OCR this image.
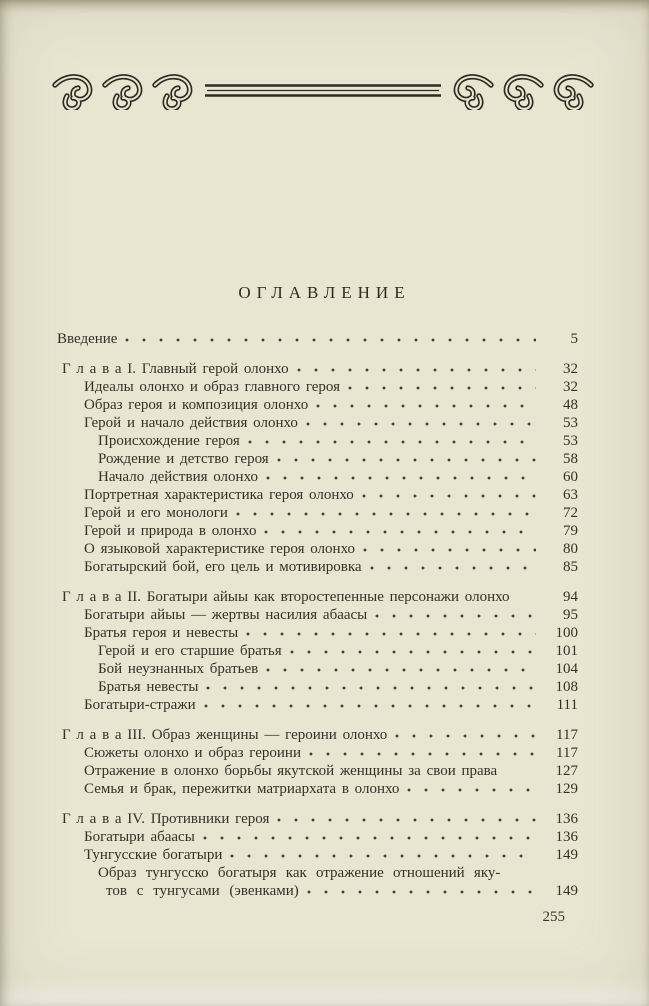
ОГЛАВЛЕНИЕ
Введение	5
Г л а в а I. Главный герой олонхо	32
Идеалы олонхо и образ главного героя	32
Образ героя и композиция олонхо	48
Герой и начало действия олонхо	53
Происхождение героя	53
Рождение и детство героя	58
Начало действия олонхо	60
Портретная характеристика героя олонхо	63
Герой и его монологи	72
Герой и природа в олонхо	79
О языковой характеристике героя олонхо	80
Богатырский бой, его цель и мотивировка	85
Г л а в а II. Богатыри айыы как второстепенные персонажи олонхо	94
Богатыри айыы — жертвы насилия абаасы	95
Братья героя и невесты	100
Герой и его старшие братья	101
Бой неузнанных братьев	104
Братья невесты	108
Богатыри-стражи	111
Г л а в а III. Образ женщины — героини олонхо	117
Сюжеты олонхо и образ героини	117
Отражение в олонхо борьбы якутской женщины за свои права	127
Семья и брак, пережитки матриархата в олонхо	129
Г л а в а IV. Противники героя	136
Богатыри абаасы	136
Тунгусские богатыри	149
Образ тунгусско богатыря как отражение отношений яку-
тов с тунгусами (эвенками)	149
255
